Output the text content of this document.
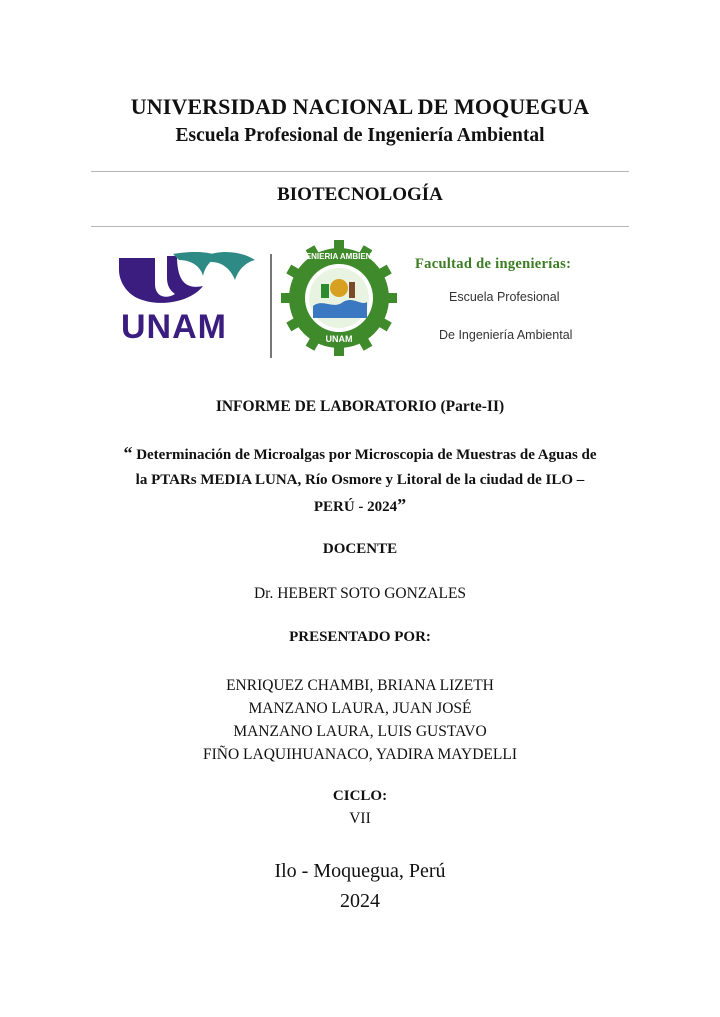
UNIVERSIDAD NACIONAL DE MOQUEGUA
Escuela Profesional de Ingeniería Ambiental
BIOTECNOLOGÍA
UNAM
INGENIERIA AMBIENTAL
UNAM
Facultad de ingenierías:
Escuela Profesional
De Ingeniería Ambiental
INFORME DE LABORATORIO (Parte-II)
“ Determinación de Microalgas por Microscopia de Muestras de Aguas de
la PTARs MEDIA LUNA, Río Osmore y Litoral de la ciudad de ILO –
PERÚ - 2024”
DOCENTE
Dr. HEBERT SOTO GONZALES
PRESENTADO POR:
ENRIQUEZ CHAMBI, BRIANA LIZETH
MANZANO LAURA, JUAN JOSÉ
MANZANO LAURA, LUIS GUSTAVO
FIÑO LAQUIHUANACO, YADIRA MAYDELLI
CICLO:
VII
Ilo - Moquegua, Perú
2024
